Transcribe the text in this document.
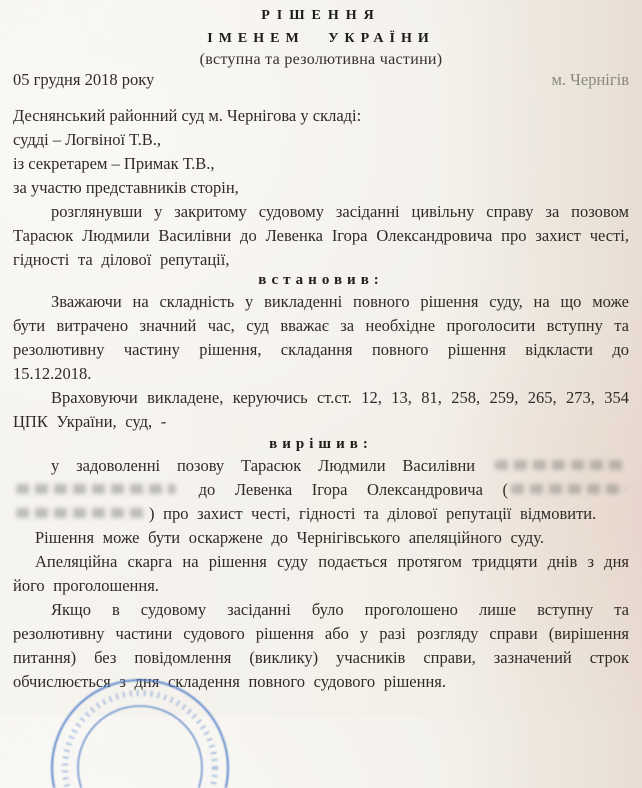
РІШЕННЯ
ІМЕНЕМ УКРАЇНИ
(вступна та резолютивна частини)
05 грудня 2018 року	м. Чернігів
Деснянський районний суд м. Чернігова у складі:
судді – Логвіної Т.В.,
із секретарем – Примак Т.В.,
за участю представників сторін,

розглянувши у закритому судовому засіданні цивільну справу за позовом Тарасюк Людмили Василівни до Левенка Ігора Олександровича про захист честі, гідності та ділової репутації,

встановив:

Зважаючи на складність у викладенні повного рішення суду, на що може бути витрачено значний час, суд вважає за необхідне проголосити вступну та резолютивну частину рішення, складання повного рішення відкласти до 15.12.2018.

Враховуючи викладене, керуючись ст.ст. 12, 13, 81, 258, 259, 265, 273, 354 ЦПК України, суд, -

вирішив:

у задоволенні позову Тарасюк Людмили Василівни   до Левенка Ігора Олександровича ( ) про захист честі, гідності та ділової репутації відмовити.

Рішення може бути оскаржене до Чернігівського апеляційного суду.

Апеляційна скарга на рішення суду подається протягом тридцяти днів з дня його проголошення.

Якщо в судовому засіданні було проголошено лише вступну та резолютивну частини судового рішення або у разі розгляду справи (вирішення питання) без повідомлення (виклику) учасників справи, зазначений строк обчислюється з дня складення повного судового рішення.
